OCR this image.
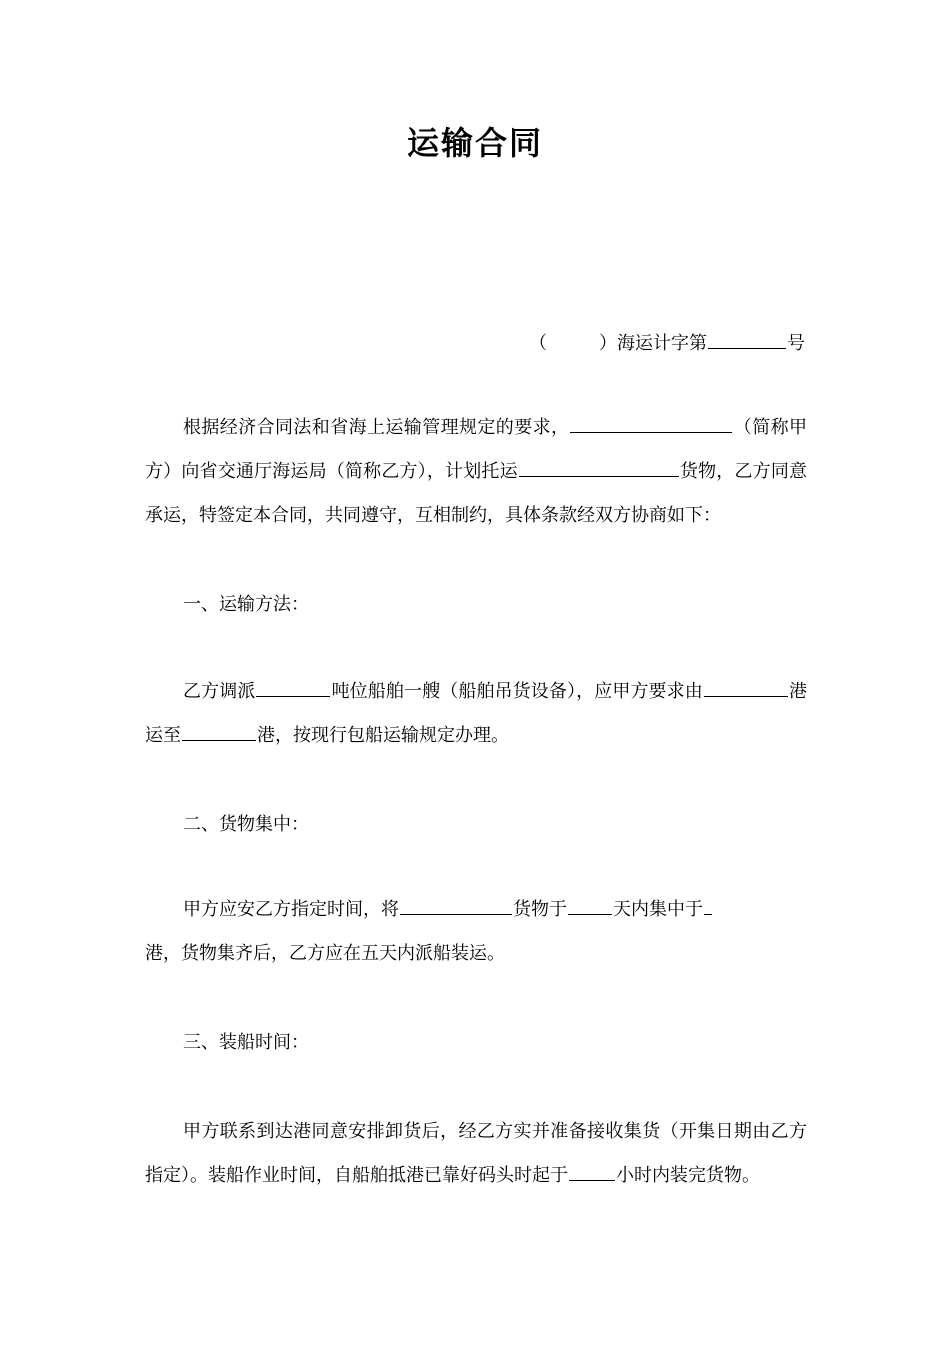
运输合同
（	）海运计字第	号

根据经济合同法和省海上运输管理规定的要求，	（简称甲方）向省交通厅海运局（简称乙方），计划托运	货物，乙方同意承运，特签定本合同，共同遵守，互相制约，具体条款经双方协商如下：

一、运输方法：

乙方调派	吨位船舶一艘（船舶吊货设备），应甲方要求由	港运至	港，按现行包船运输规定办理。

二、货物集中：

甲方应安乙方指定时间，将	货物于	天内集中于
港，货物集齐后，乙方应在五天内派船装运。

三、装船时间：

甲方联系到达港同意安排卸货后，经乙方实并准备接收集货（开集日期由乙方指定）。装船作业时间，自船舶抵港已靠好码头时起于	小时内装完货物。
